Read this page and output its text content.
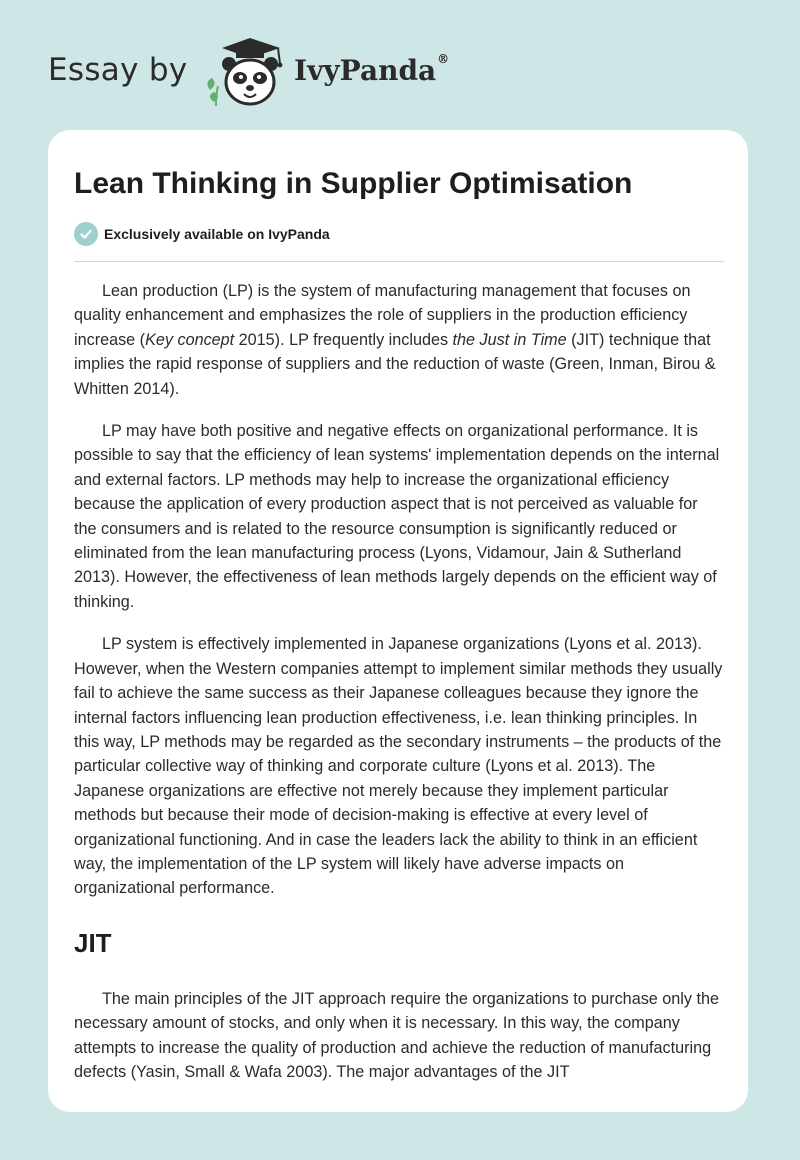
Essay by	IvyPanda®
Lean Thinking in Supplier Optimisation
Exclusively available on IvyPanda

Lean production (LP) is the system of manufacturing management that focuses on quality enhancement and emphasizes the role of suppliers in the production efficiency increase (Key concept 2015). LP frequently includes the Just in Time (JIT) technique that implies the rapid response of suppliers and the reduction of waste (Green, Inman, Birou & Whitten 2014).

LP may have both positive and negative effects on organizational performance. It is possible to say that the efficiency of lean systems' implementation depends on the internal and external factors. LP methods may help to increase the organizational efficiency because the application of every production aspect that is not perceived as valuable for the consumers and is related to the resource consumption is significantly reduced or eliminated from the lean manufacturing process (Lyons, Vidamour, Jain & Sutherland 2013). However, the effectiveness of lean methods largely depends on the efficient way of thinking.

LP system is effectively implemented in Japanese organizations (Lyons et al. 2013). However, when the Western companies attempt to implement similar methods they usually fail to achieve the same success as their Japanese colleagues because they ignore the internal factors influencing lean production effectiveness, i.e. lean thinking principles. In this way, LP methods may be regarded as the secondary instruments – the products of the particular collective way of thinking and corporate culture (Lyons et al. 2013). The Japanese organizations are effective not merely because they implement particular methods but because their mode of decision-making is effective at every level of organizational functioning. And in case the leaders lack the ability to think in an efficient way, the implementation of the LP system will likely have adverse impacts on organizational performance.

JIT

The main principles of the JIT approach require the organizations to purchase only the necessary amount of stocks, and only when it is necessary. In this way, the company attempts to increase the quality of production and achieve the reduction of manufacturing defects (Yasin, Small & Wafa 2003). The major advantages of the JIT
